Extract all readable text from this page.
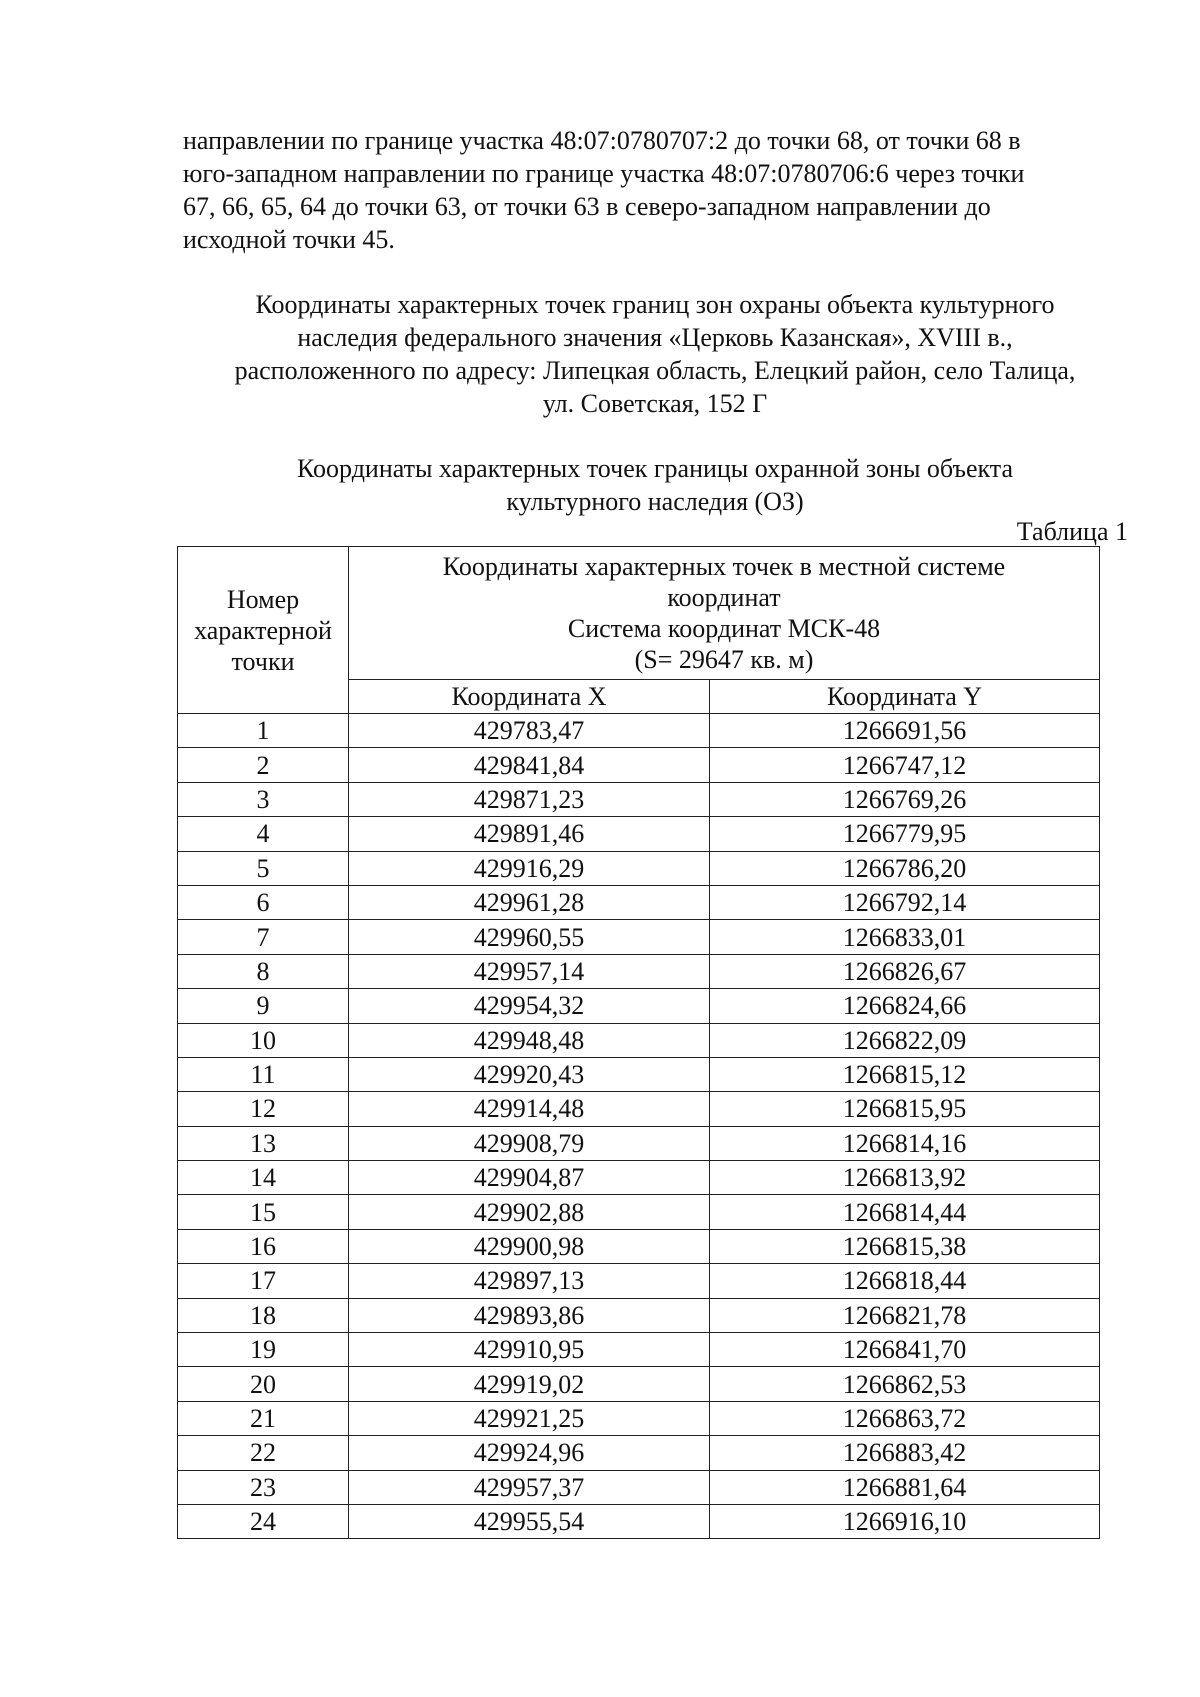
направлении по границе участка 48:07:0780707:2 до точки 68, от точки 68 в

юго-западном направлении по границе участка 48:07:0780706:6 через точки

67, 66, 65, 64 до точки 63, от точки 63 в северо-западном направлении до

исходной точки 45.

Координаты характерных точек границ зон охраны объекта культурного

наследия федерального значения «Церковь Казанская», XVIII в.,

расположенного по адресу: Липецкая область, Елецкий район, село Талица,

ул. Советская, 152 Г

Координаты характерных точек границы охранной зоны объекта

культурного наследия (ОЗ)

Таблица 1
Номер
характерной
точки	Координаты характерных точек в местной системе
координат
Система координат МСК-48
(S= 29647 кв. м)	

	Координата X	Координата Y
1	429783,47	1266691,56
2	429841,84	1266747,12
3	429871,23	1266769,26
4	429891,46	1266779,95
5	429916,29	1266786,20
6	429961,28	1266792,14
7	429960,55	1266833,01
8	429957,14	1266826,67
9	429954,32	1266824,66
10	429948,48	1266822,09
11	429920,43	1266815,12
12	429914,48	1266815,95
13	429908,79	1266814,16
14	429904,87	1266813,92
15	429902,88	1266814,44
16	429900,98	1266815,38
17	429897,13	1266818,44
18	429893,86	1266821,78
19	429910,95	1266841,70
20	429919,02	1266862,53
21	429921,25	1266863,72
22	429924,96	1266883,42
23	429957,37	1266881,64
24	429955,54	1266916,10
